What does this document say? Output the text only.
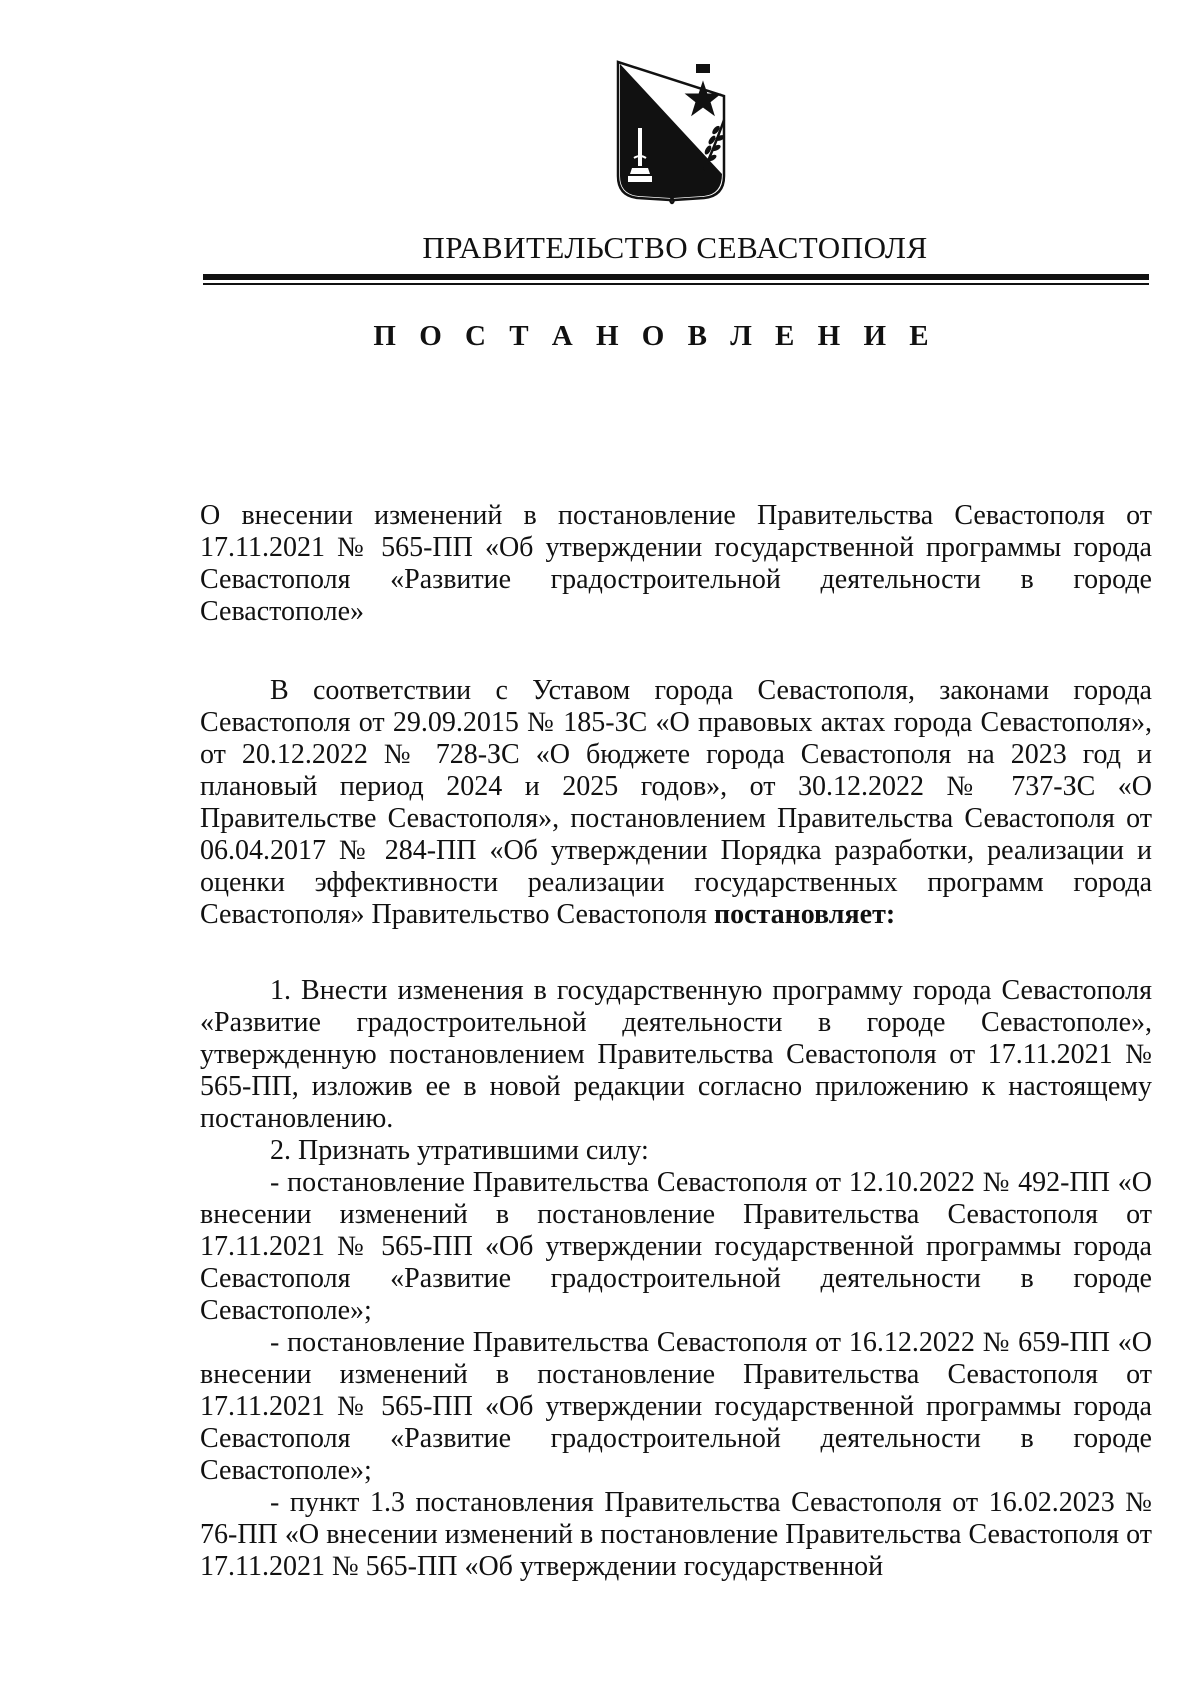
ПРАВИТЕЛЬСТВО СЕВАСТОПОЛЯ
П О С Т А Н О В Л Е Н И Е

О внесении изменений в постановление Правительства Севастополя от 17.11.2021 № 565-ПП «Об утверждении государственной программы города Севастополя «Развитие градостроительной деятельности в городе Севастополе»

В соответствии с Уставом города Севастополя, законами города Севастополя от 29.09.2015 № 185-ЗС «О правовых актах города Севастополя», от 20.12.2022 № 728-ЗС «О бюджете города Севастополя на 2023 год и плановый период 2024 и 2025 годов», от 30.12.2022 № 737-ЗС «О Правительстве Севастополя», постановлением Правительства Севастополя от 06.04.2017 № 284-ПП «Об утверждении Порядка разработки, реализации и оценки эффективности реализации государственных программ города Севастополя» Правительство Севастополя постановляет:

1. Внести изменения в государственную программу города Севастополя «Развитие градостроительной деятельности в городе Севастополе», утвержденную постановлением Правительства Севастополя от 17.11.2021 № 565-ПП, изложив ее в новой редакции согласно приложению к настоящему постановлению.

2. Признать утратившими силу:

- постановление Правительства Севастополя от 12.10.2022 № 492-ПП «О внесении изменений в постановление Правительства Севастополя от 17.11.2021 № 565-ПП «Об утверждении государственной программы города Севастополя «Развитие градостроительной деятельности в городе Севастополе»;

- постановление Правительства Севастополя от 16.12.2022 № 659-ПП «О внесении изменений в постановление Правительства Севастополя от 17.11.2021 № 565-ПП «Об утверждении государственной программы города Севастополя «Развитие градостроительной деятельности в городе Севастополе»;

- пункт 1.3 постановления Правительства Севастополя от 16.02.2023 № 76-ПП «О внесении изменений в постановление Правительства Севастополя от 17.11.2021 № 565-ПП «Об утверждении государственной
